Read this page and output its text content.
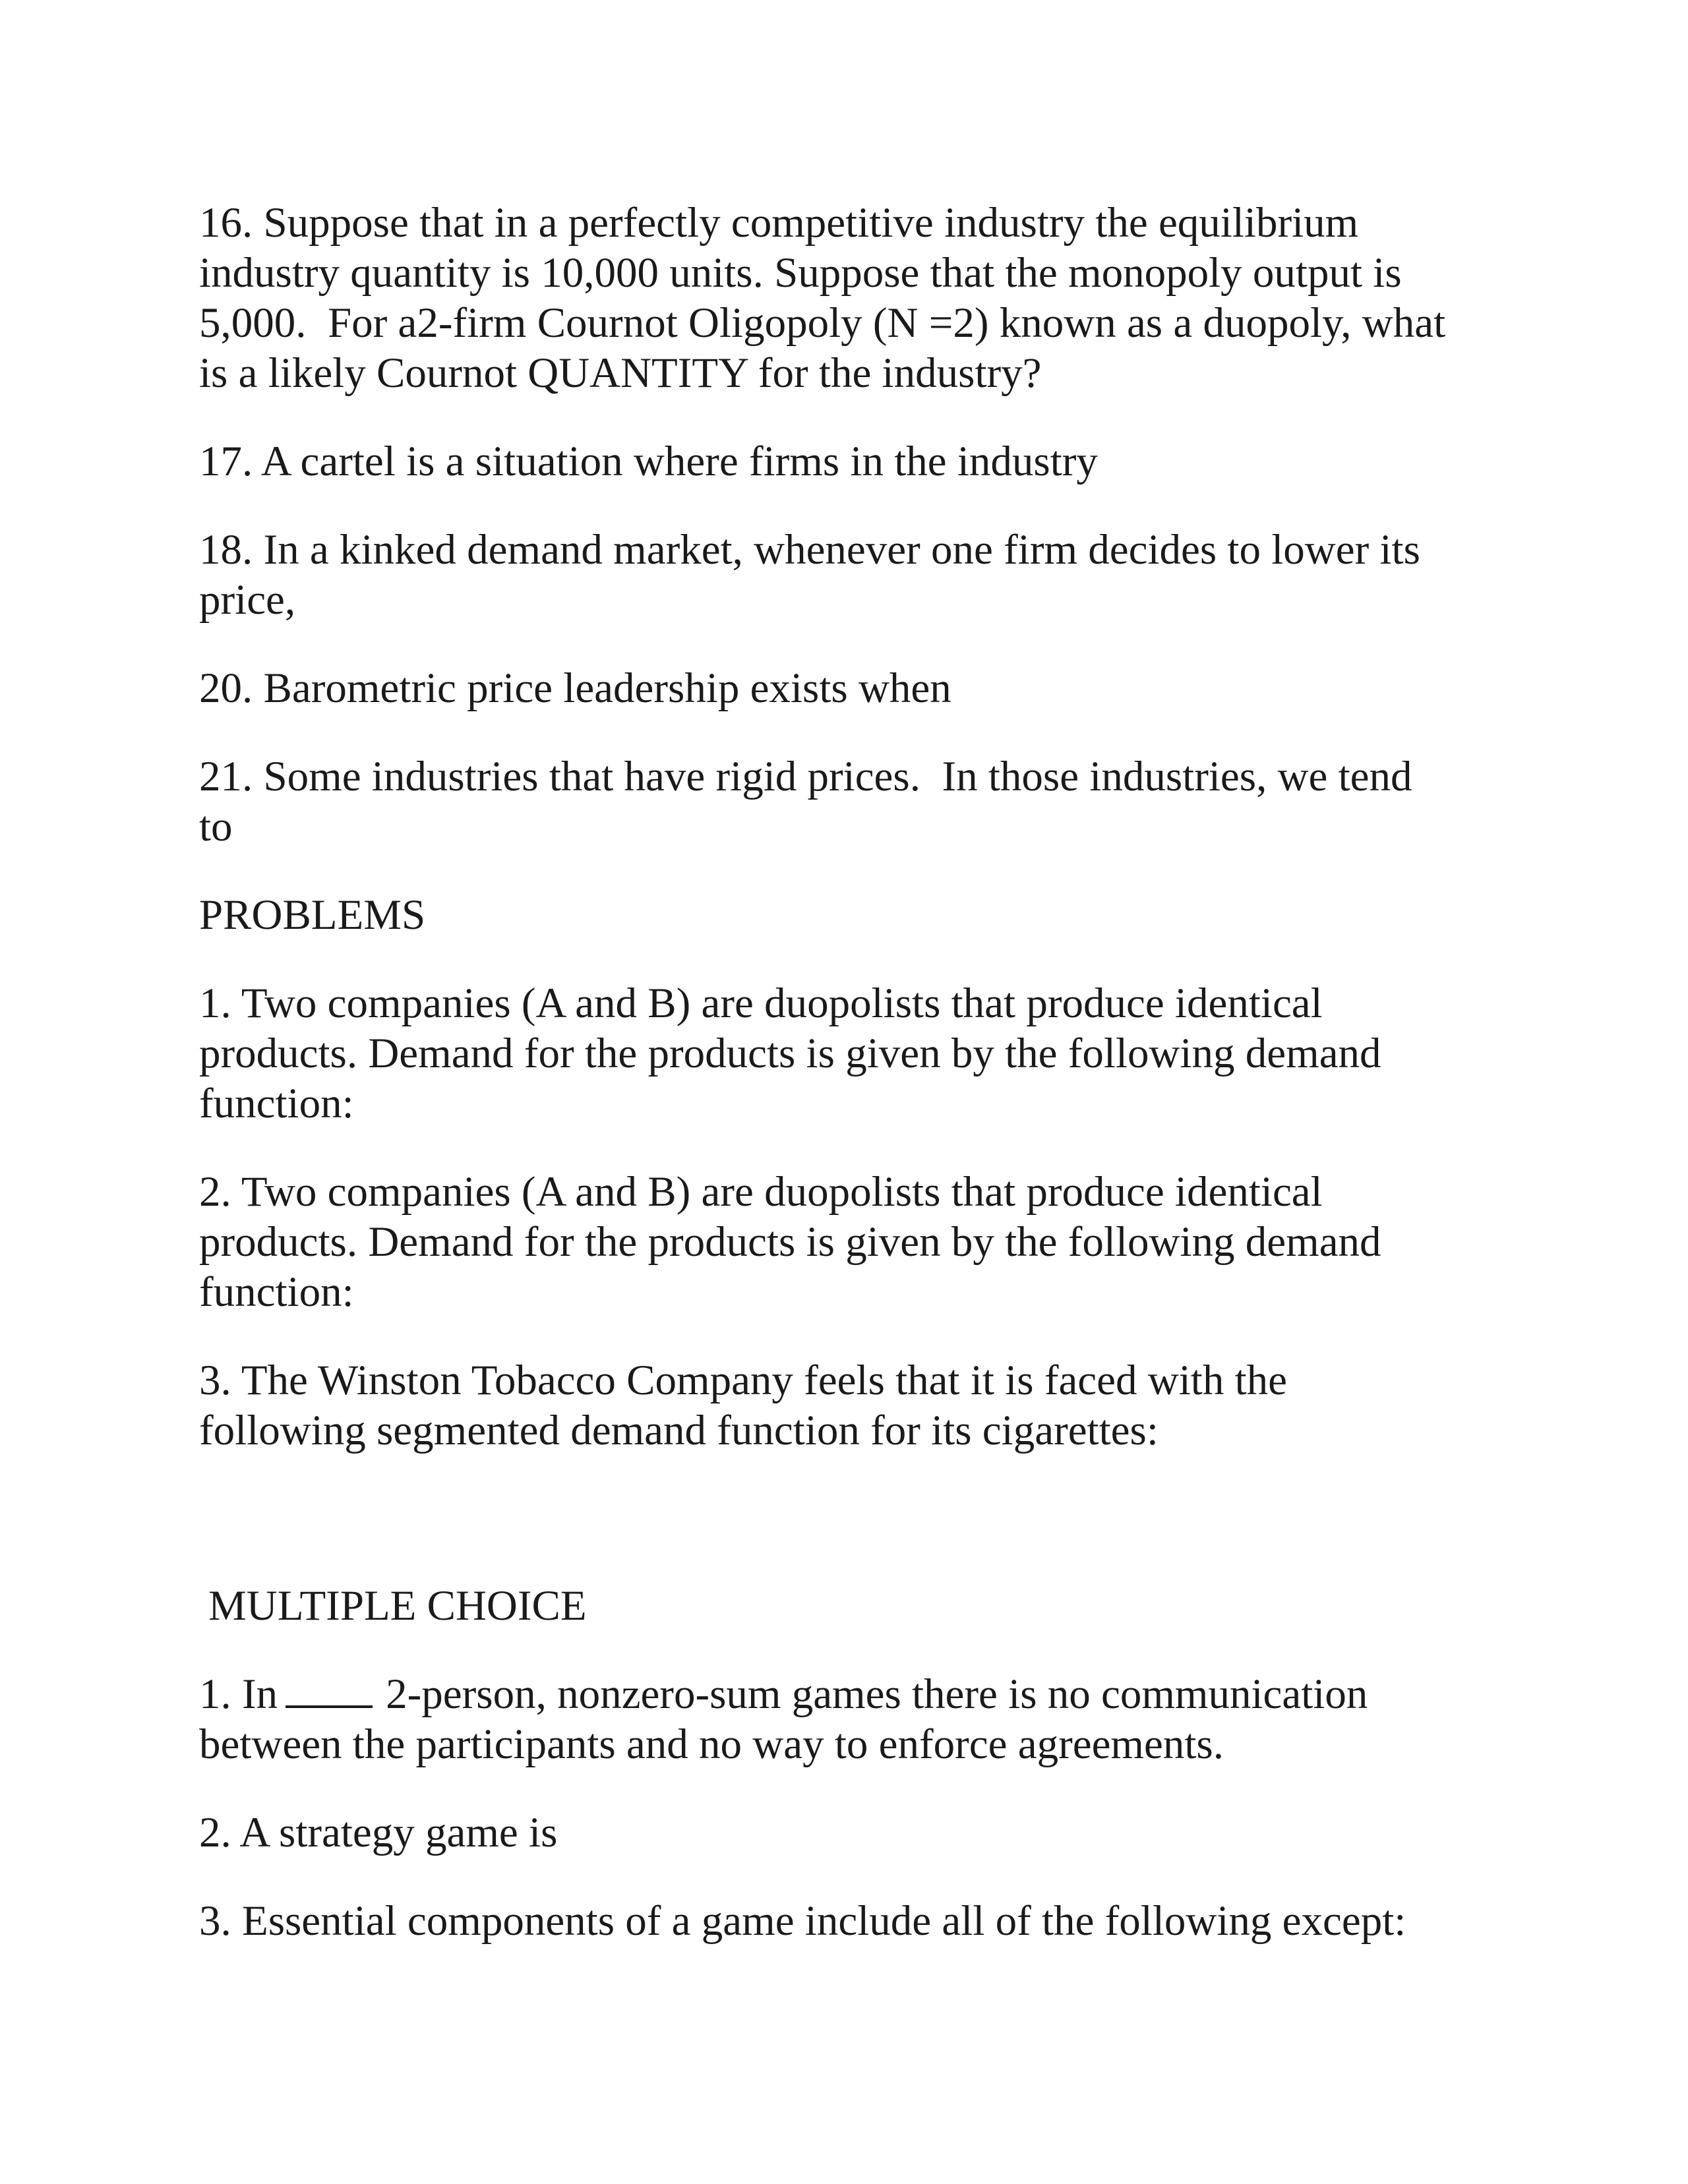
16. Suppose that in a perfectly competitive industry the equilibrium

industry quantity is 10,000 units. Suppose that the monopoly output is

5,000.  For a2-firm Cournot Oligopoly (N =2) known as a duopoly, what

is a likely Cournot QUANTITY for the industry?

17. A cartel is a situation where firms in the industry

18. In a kinked demand market, whenever one firm decides to lower its

price,

20. Barometric price leadership exists when

21. Some industries that have rigid prices.  In those industries, we tend

to

PROBLEMS

1. Two companies (A and B) are duopolists that produce identical

products. Demand for the products is given by the following demand

function:

2. Two companies (A and B) are duopolists that produce identical

products. Demand for the products is given by the following demand

function:

3. The Winston Tobacco Company feels that it is faced with the

following segmented demand function for its cigarettes:

MULTIPLE CHOICE

1. In	2-person, nonzero-sum games there is no communication

between the participants and no way to enforce agreements.

2. A strategy game is

3. Essential components of a game include all of the following except:
